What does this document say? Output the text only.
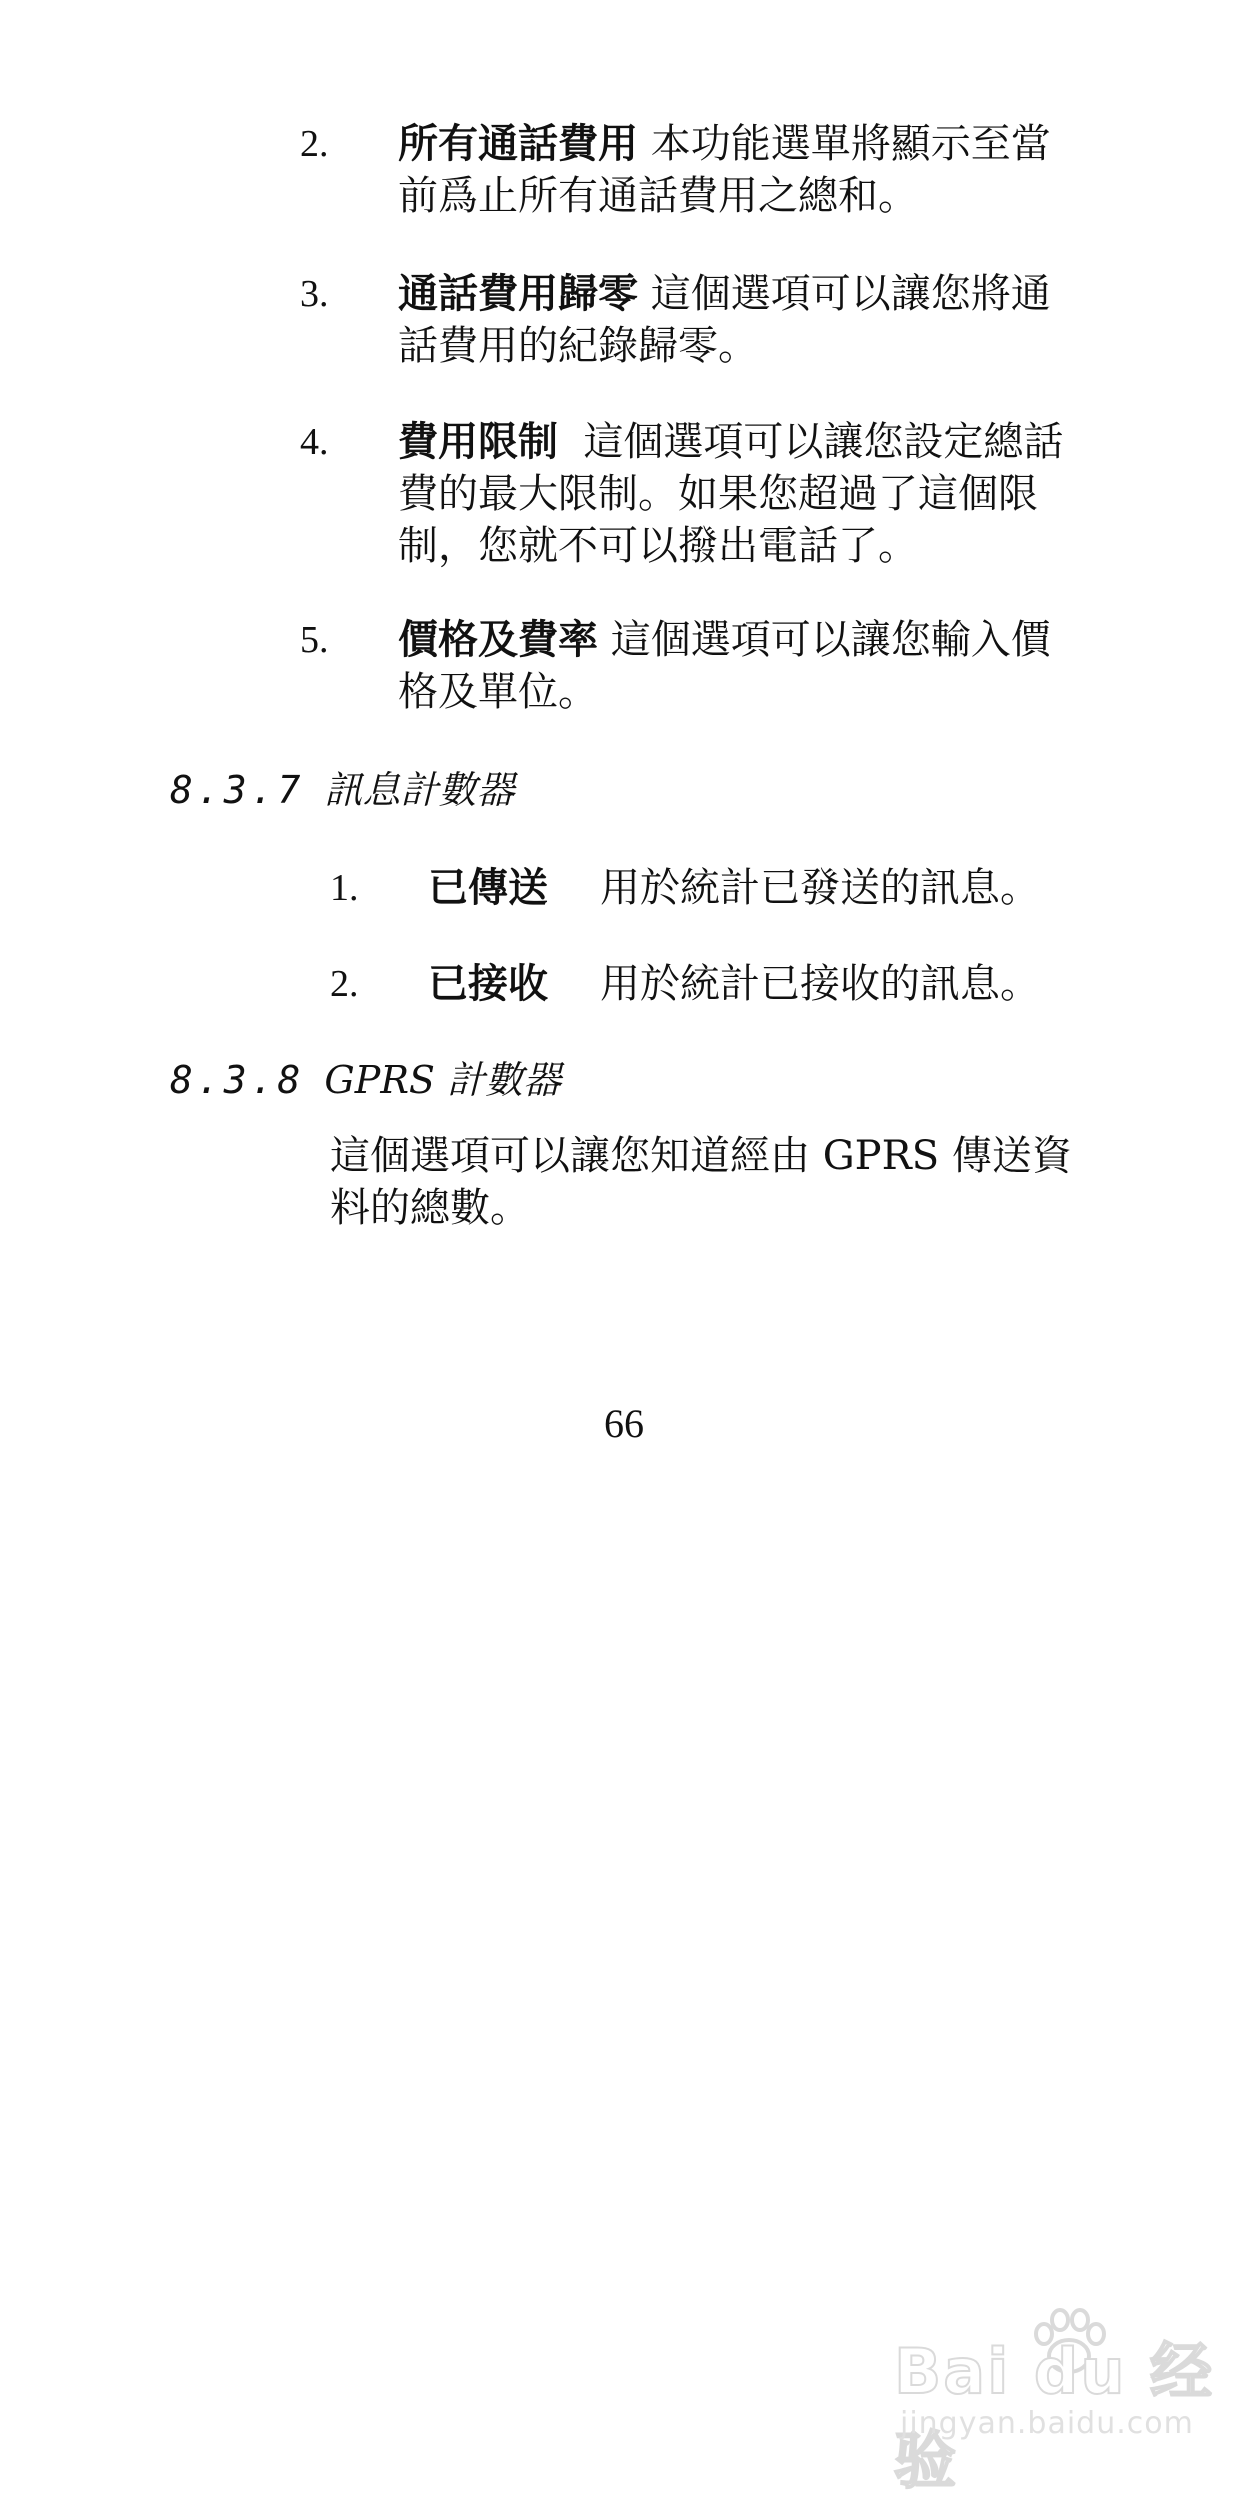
2. 所有通話費用 本功能選單將顯示至當
前爲止所有通話費用之總和。
3. 通話費用歸零 這個選項可以讓您將通
話費用的紀錄歸零。
4. 費用限制 這個選項可以讓您設定總話
費的最大限制。如果您超過了這個限
制，您就不可以撥出電話了。
5. 價格及費率 這個選項可以讓您輸入價
格及單位。
8.3.7 訊息計數器
1. 已傳送 用於統計已發送的訊息。
2. 已接收 用於統計已接收的訊息。
8.3.8 GPRS 計數器
這個選項可以讓您知道經由 GPRS 傳送資
料的總數。
66
Bai du 经验
jingyan.baidu.com
